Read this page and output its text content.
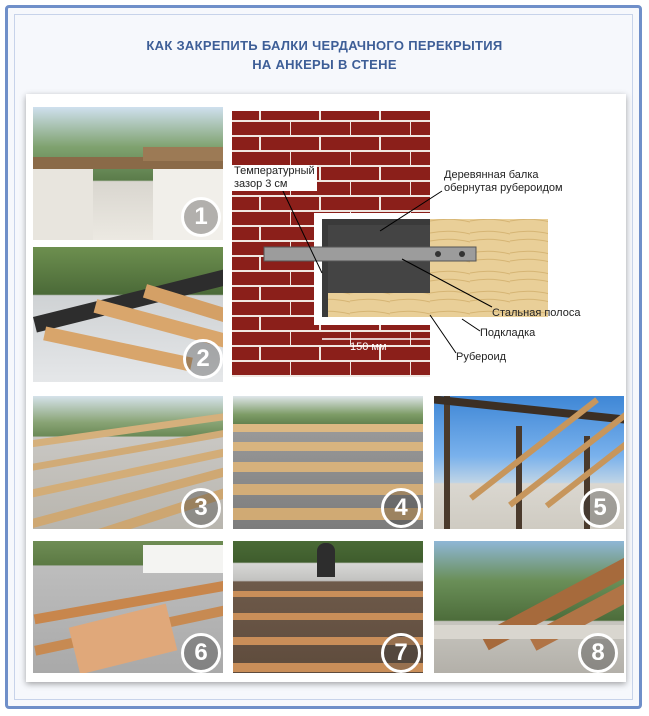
КАК ЗАКРЕПИТЬ БАЛКИ ЧЕРДАЧНОГО ПЕРЕКРЫТИЯ
НА АНКЕРЫ В СТЕНЕ
1
2
Температурный
зазор 3 см
Деревянная балка
обернутая рубероидом
Стальная полоса
Подкладка
Рубероид
150 мм
3	4	5
6	7	8
